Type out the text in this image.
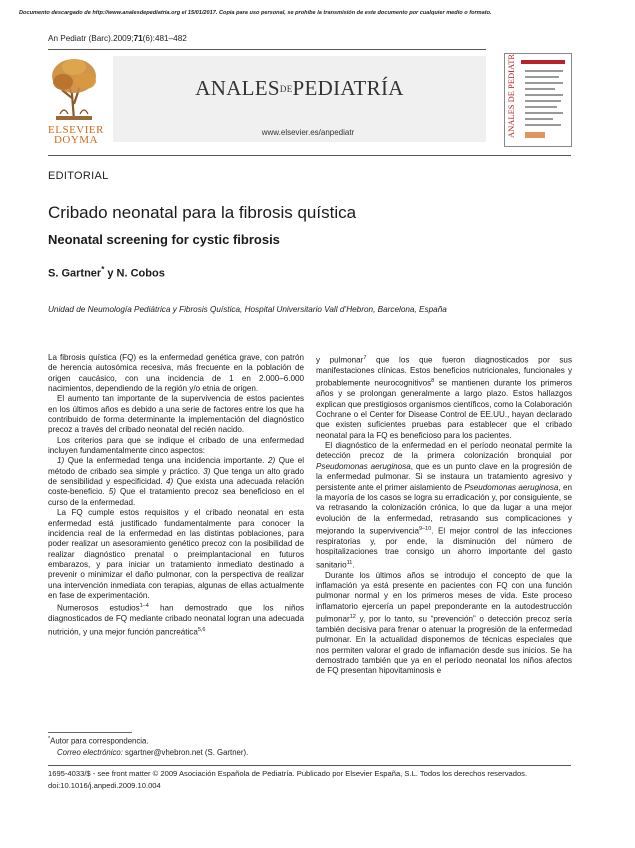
Documento descargado de http://www.analesdepediatria.org el 15/01/2017. Copia para uso personal, se prohíbe la transmisión de este documento por cualquier medio o formato.
An Pediatr (Barc).2009;71(6):481–482
ELSEVIER
DOYMA
ANALESDEPEDIATRÍA
www.elsevier.es/anpediatr	ANALES DE PEDIATRÍA
EDITORIAL
Cribado neonatal para la fibrosis quística
Neonatal screening for cystic fibrosis
S. Gartner* y N. Cobos
Unidad de Neumología Pediátrica y Fibrosis Quística, Hospital Universitario Vall d’Hebron, Barcelona, España

La fibrosis quística (FQ) es la enfermedad genética grave, con patrón de herencia autosómica recesiva, más frecuente en la población de origen caucásico, con una incidencia de 1 en 2.000–6.000 nacimientos, dependiendo de la región y/o etnia de origen.

El aumento tan importante de la supervivencia de estos pacientes en los últimos años es debido a una serie de factores entre los que ha contribuido de forma determinante la implementación del diagnóstico precoz a través del cribado neonatal del recién nacido.

Los criterios para que se indique el cribado de una enfermedad incluyen fundamentalmente cinco aspectos:

1) Que la enfermedad tenga una incidencia importante. 2) Que el método de cribado sea simple y práctico. 3) Que tenga un alto grado de sensibilidad y especificidad. 4) Que exista una adecuada relación coste-beneficio. 5) Que el tratamiento precoz sea beneficioso en el curso de la enfermedad.

La FQ cumple estos requisitos y el cribado neonatal en esta enfermedad está justificado fundamentalmente para conocer la incidencia real de la enfermedad en las distintas poblaciones, para poder realizar un asesoramiento genético precoz con la posibilidad de realizar diagnóstico prenatal o preimplantacional en futuros embarazos, y para iniciar un tratamiento inmediato destinado a prevenir o minimizar el daño pulmonar, con la perspectiva de realizar una intervención inmediata con terapias, algunas de ellas actualmente en fase de experimentación.

Numerosos estudios$^{1-4}$ han demostrado que los niños diagnosticados de FQ mediante cribado neonatal logran una adecuada nutrición, y una mejor función pancreática$^{5,6}$

y pulmonar$^7$ que los que fueron diagnosticados por sus manifestaciones clínicas. Estos beneficios nutricionales, funcionales y probablemente neurocognitivos$^8$ se mantienen durante los primeros años y se prolongan generalmente a largo plazo. Estos hallazgos explican que prestigiosos organismos científicos, como la Colaboración Cochrane o el Center for Disease Control de EE.UU., hayan declarado que existen suficientes pruebas para establecer que el cribado neonatal para la FQ es beneficioso para los pacientes.

El diagnóstico de la enfermedad en el período neonatal permite la detección precoz de la primera colonización bronquial por Pseudomonas aeruginosa, que es un punto clave en la progresión de la enfermedad pulmonar. Si se instaura un tratamiento agresivo y persistente ante el primer aislamiento de Pseudomonas aeruginosa, en la mayoría de los casos se logra su erradicación y, por consiguiente, se va retrasando la colonización crónica, lo que da lugar a una mejor evolución de la enfermedad, retrasando sus complicaciones y mejorando la supervivencia$^{9-10}$. El mejor control de las infecciones respiratorias y, por ende, la disminución del número de hospitalizaciones trae consigo un ahorro importante del gasto sanitario$^{11}$.

Durante los últimos años se introdujo el concepto de que la inflamación ya está presente en pacientes con FQ con una función pulmonar normal y en los primeros meses de vida. Este proceso inflamatorio ejercería un papel preponderante en la autodestrucción pulmonar$^{12}$ y, por lo tanto, su “prevención” o detección precoz sería también decisiva para frenar o atenuar la progresión de la enfermedad pulmonar. En la actualidad disponemos de técnicas especiales que nos permiten valorar el grado de inflamación desde sus inicios. Se ha demostrado también que ya en el período neonatal los niños afectos de FQ presentan hipovitaminosis e

*Autor para correspondencia.
Correo electrónico: sgartner@vhebron.net (S. Gartner).
1695-4033/$ - see front matter © 2009 Asociación Española de Pediatría. Publicado por Elsevier España, S.L. Todos los derechos reservados.
doi:10.1016/j.anpedi.2009.10.004
